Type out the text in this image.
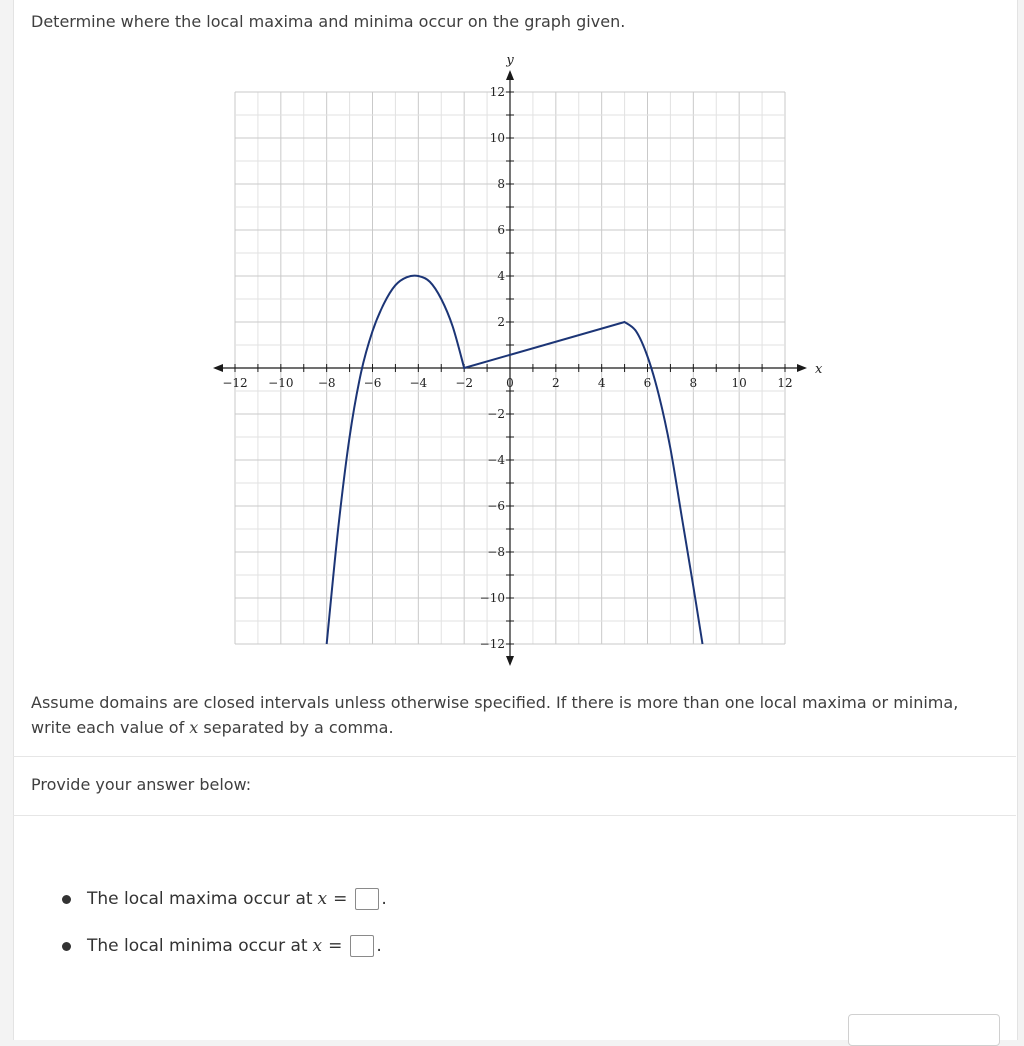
Determine where the local maxima and minima occur on the graph given.
−12 −10 −8 −6 −4 −2	0	2	4	6	8	10	12
−12
−10
−8
−6
−4
−2
2
4
6
8
10
12
x
y
Assume domains are closed intervals unless otherwise specified. If there is more than one local maxima or minima, write each value of x separated by a comma.
Provide your answer below:
The local maxima occur at x = .
The local minima occur at x = .
